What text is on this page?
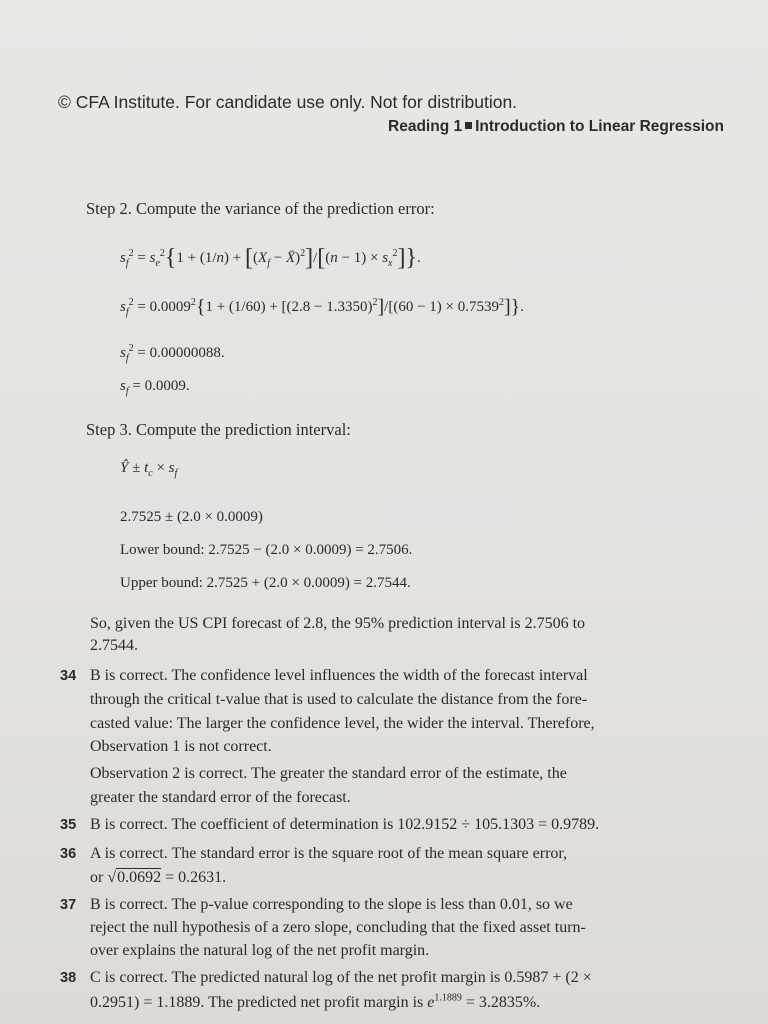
© CFA Institute. For candidate use only. Not for distribution.
Reading 1 Introduction to Linear Regression
Step 2. Compute the variance of the prediction error:
$s_f^2 = s_e^2\{1 + (1/n) + [(X_f$ − X̄)$^2$]/[(n − $1) \times s_x^2$]}.
$s_f^2 = 0.0009^2\{1 + (1/60) + [(2.8 - 1.3350)^2]/[(60 - 1) \times 0.7539^2]\}$.
$s_f^2 = 0.00000088$.
$s_f = 0.0009$.
Step 3. Compute the prediction interval:
Ŷ ± $t_c \times s_f$
2.7525 ± (2.0 × 0.0009)
Lower bound: 2.7525 − (2.0 × 0.0009) = 2.7506.
Upper bound: 2.7525 + (2.0 × 0.0009) = 2.7544.
So, given the US CPI forecast of 2.8, the 95% prediction interval is 2.7506 to
2.7544.
34 B is correct. The confidence level influences the width of the forecast interval
through the critical t-value that is used to calculate the distance from the fore-
casted value: The larger the confidence level, the wider the interval. Therefore,
Observation 1 is not correct.
Observation 2 is correct. The greater the standard error of the estimate, the
greater the standard error of the forecast.
35 B is correct. The coefficient of determination is 102.9152 ÷ 105.1303 = 0.9789.
36 A is correct. The standard error is the square root of the mean square error,
or √0.0692 = 0.2631.
37 B is correct. The p-value corresponding to the slope is less than 0.01, so we
reject the null hypothesis of a zero slope, concluding that the fixed asset turn-
over explains the natural log of the net profit margin.
38 C is correct. The predicted natural log of the net profit margin is 0.5987 + (2 ×
0.2951) = 1.1889. The predicted net profit margin is $e^{1.1889} = 3.2835\%$.
